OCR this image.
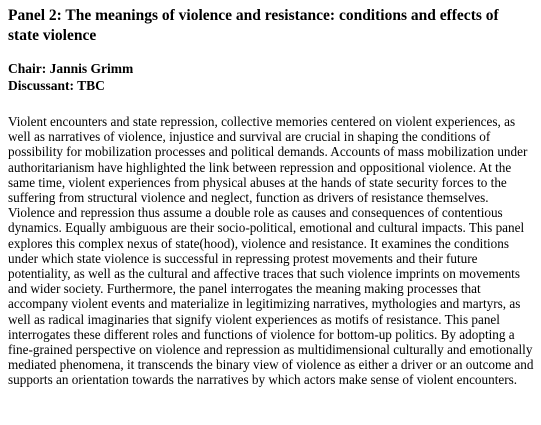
Panel 2: The meanings of violence and resistance: conditions and effects of state violence

Chair: Jannis Grimm

Discussant: TBC

Violent encounters and state repression, collective memories centered on violent experiences, as well as narratives of violence, injustice and survival are crucial in shaping the conditions of possibility for mobilization processes and political demands. Accounts of mass mobilization under authoritarianism have highlighted the link between repression and oppositional violence. At the same time, violent experiences from physical abuses at the hands of state security forces to the suffering from structural violence and neglect, function as drivers of resistance themselves. Violence and repression thus assume a double role as causes and consequences of contentious dynamics. Equally ambiguous are their socio-political, emotional and cultural impacts. This panel explores this complex nexus of state(hood), violence and resistance. It examines the conditions under which state violence is successful in repressing protest movements and their future potentiality, as well as the cultural and affective traces that such violence imprints on movements and wider society. Furthermore, the panel interrogates the meaning making processes that accompany violent events and materialize in legitimizing narratives, mythologies and martyrs, as well as radical imaginaries that signify violent experiences as motifs of resistance. This panel interrogates these different roles and functions of violence for bottom-up politics. By adopting a fine-grained perspective on violence and repression as multidimensional culturally and emotionally mediated phenomena, it transcends the binary view of violence as either a driver or an outcome and supports an orientation towards the narratives by which actors make sense of violent encounters.
